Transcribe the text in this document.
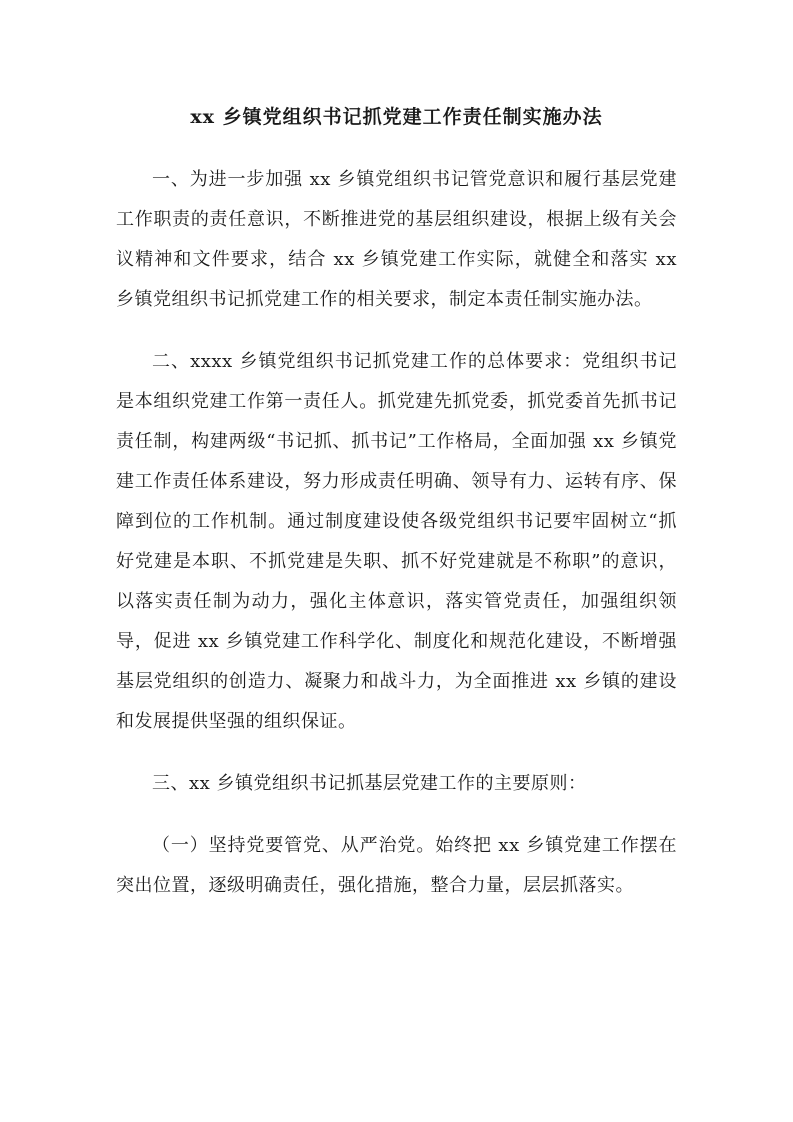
xx 乡镇党组织书记抓党建工作责任制实施办法

一、为进一步加强 xx 乡镇党组织书记管党意识和履行基层党建工作职责的责任意识，不断推进党的基层组织建设，根据上级有关会议精神和文件要求，结合 xx 乡镇党建工作实际，就健全和落实 xx 乡镇党组织书记抓党建工作的相关要求，制定本责任制实施办法。

二、xxxx 乡镇党组织书记抓党建工作的总体要求：党组织书记是本组织党建工作第一责任人。抓党建先抓党委，抓党委首先抓书记责任制，构建两级“书记抓、抓书记”工作格局，全面加强 xx 乡镇党建工作责任体系建设，努力形成责任明确、领导有力、运转有序、保障到位的工作机制。通过制度建设使各级党组织书记要牢固树立“抓好党建是本职、不抓党建是失职、抓不好党建就是不称职”的意识，以落实责任制为动力，强化主体意识，落实管党责任，加强组织领导，促进 xx 乡镇党建工作科学化、制度化和规范化建设，不断增强基层党组织的创造力、凝聚力和战斗力，为全面推进 xx 乡镇的建设和发展提供坚强的组织保证。

三、xx 乡镇党组织书记抓基层党建工作的主要原则：

（一）坚持党要管党、从严治党。始终把 xx 乡镇党建工作摆在突出位置，逐级明确责任，强化措施，整合力量，层层抓落实。
